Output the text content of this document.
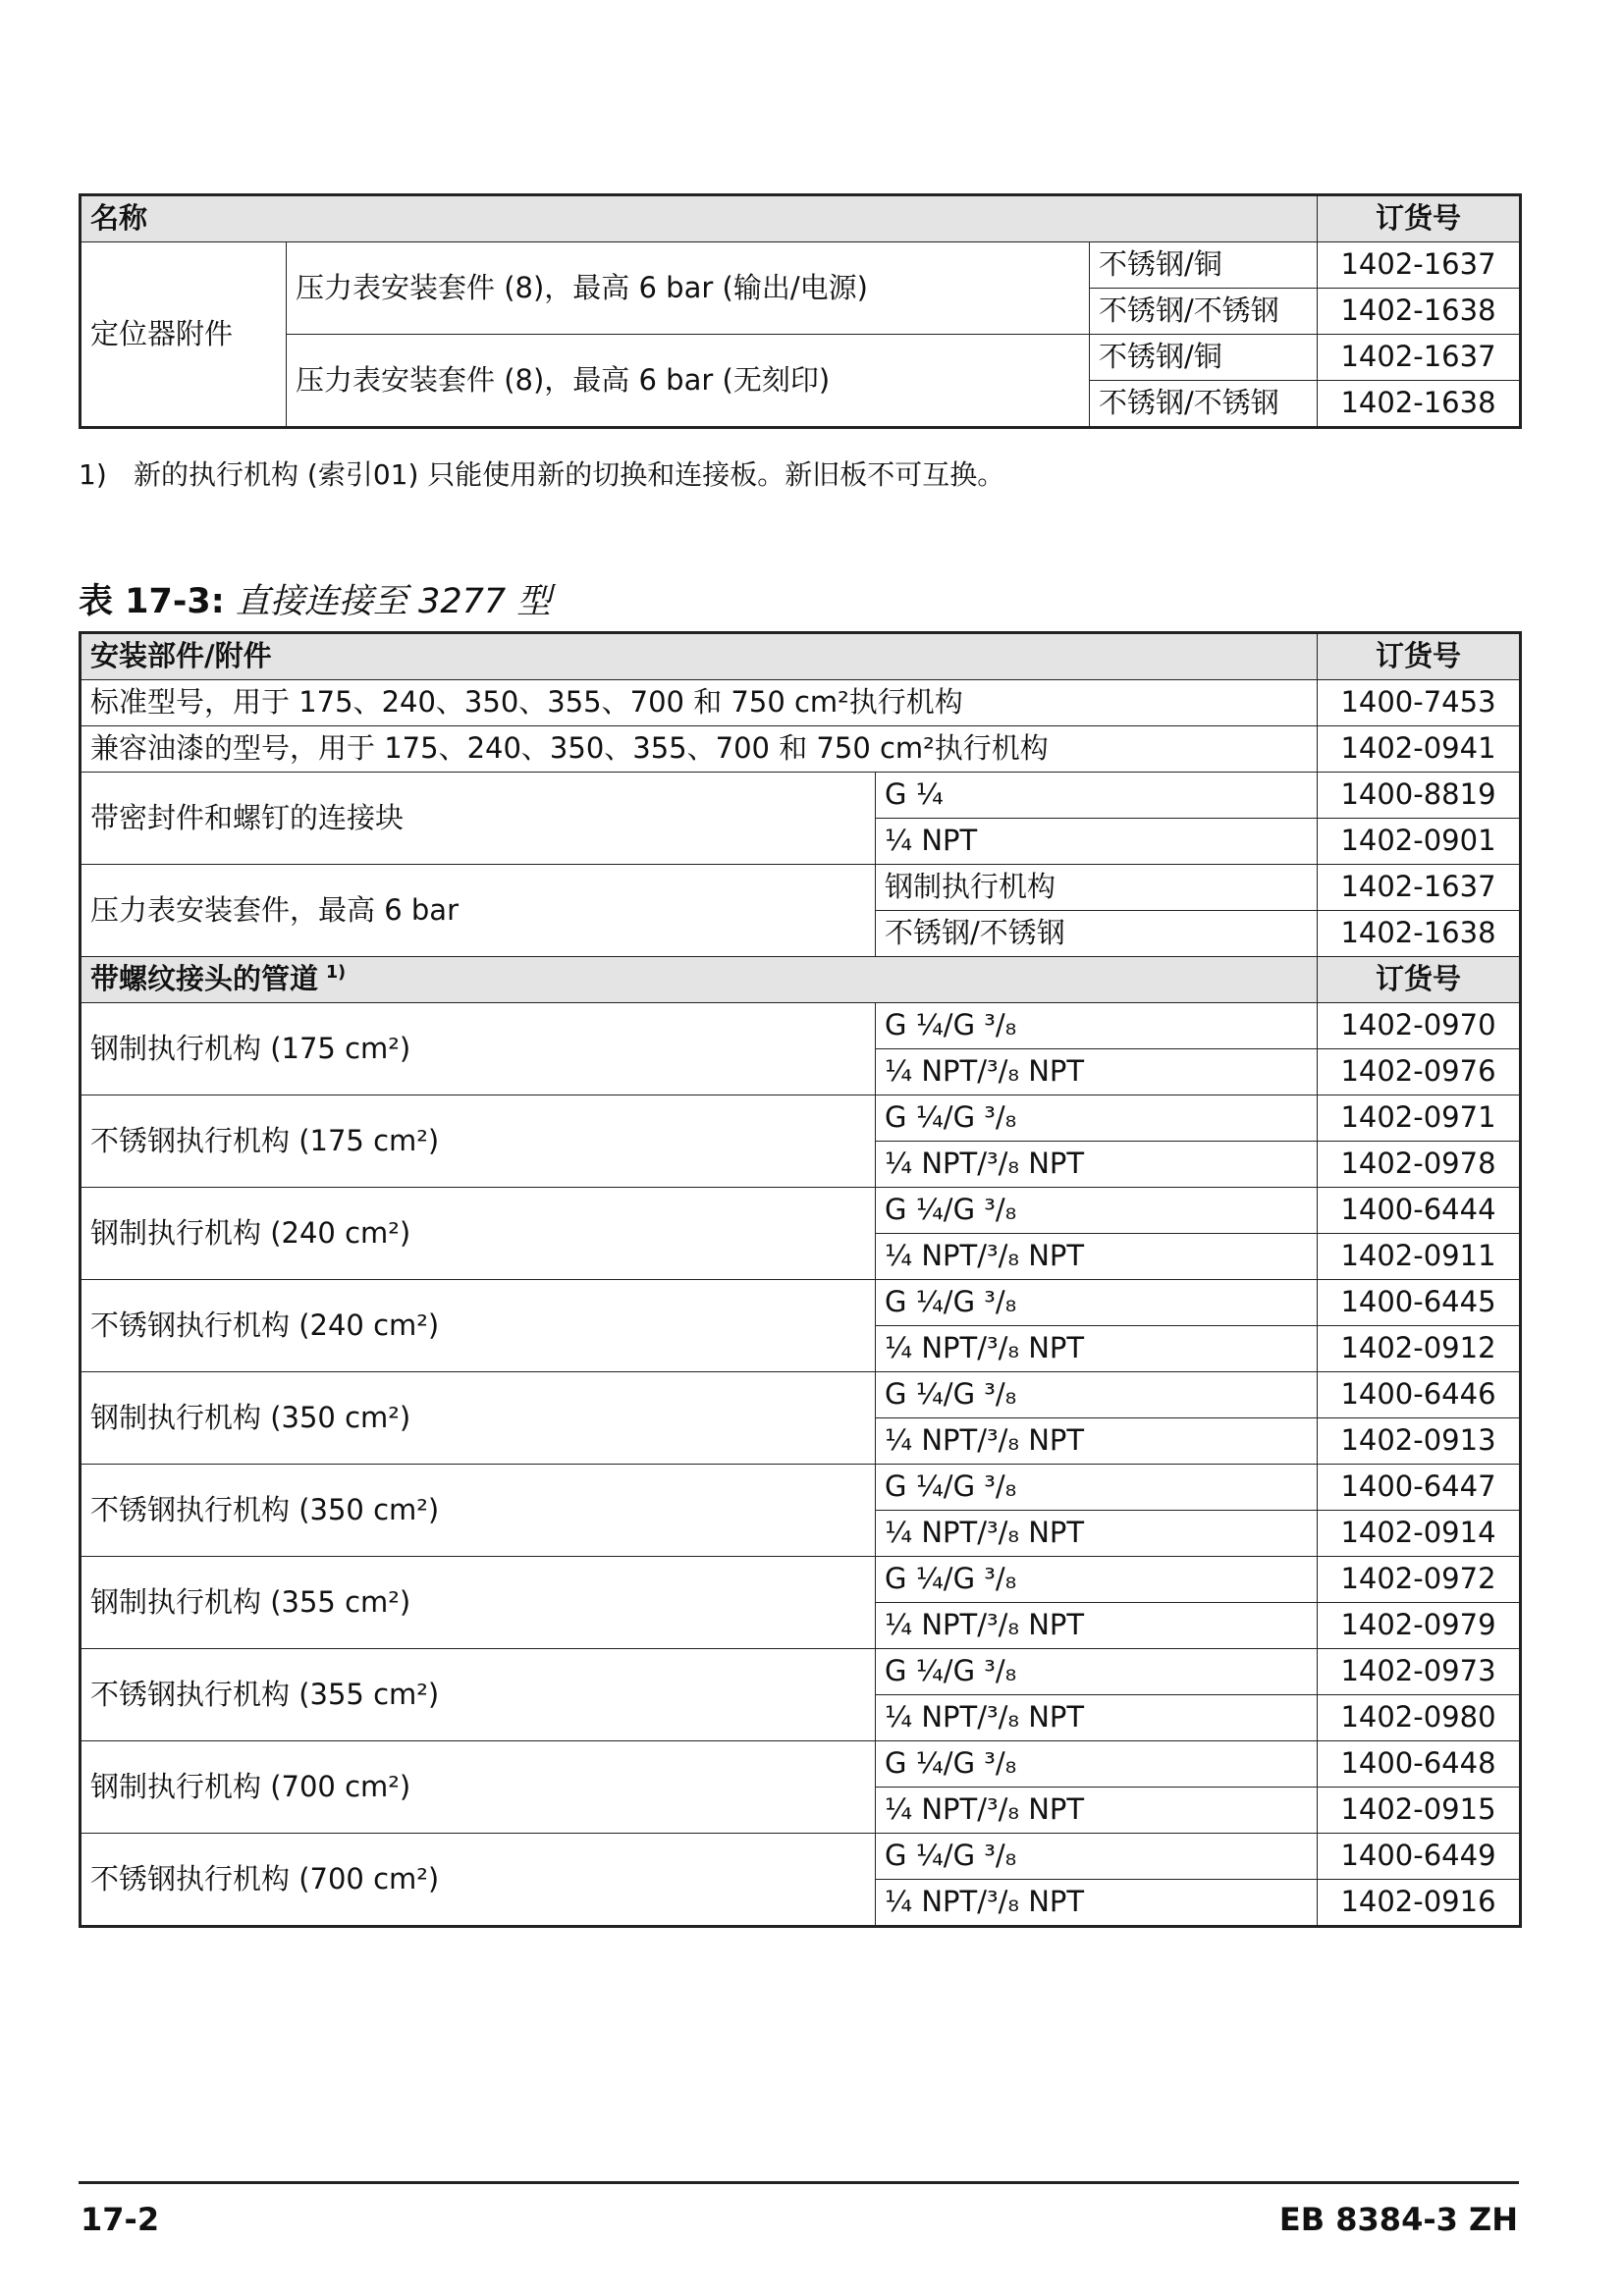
名称			订货号
定位器附件	压力表安装套件 (8)，最高 6 bar (输出/电源)	不锈钢/铜	1402-1637
		不锈钢/不锈钢	1402-1638
	压力表安装套件 (8)，最高 6 bar (无刻印)	不锈钢/铜	1402-1637
		不锈钢/不锈钢	1402-1638
1) 新的执行机构 (索引01) 只能使用新的切换和连接板。新旧板不可互换。
表 17-3: 直接连接至 3277 型
安装部件/附件		订货号
标准型号，用于 175、240、350、355、700 和 750 cm²执行机构		1400-7453
兼容油漆的型号，用于 175、240、350、355、700 和 750 cm²执行机构		1402-0941
带密封件和螺钉的连接块	G ¼	1400-8819
	¼ NPT	1402-0901
压力表安装套件，最高 6 bar	钢制执行机构	1402-1637
	不锈钢/不锈钢	1402-1638
带螺纹接头的管道 $^{1)}$		订货号
钢制执行机构 (175 cm²)	G ¼/G ³/₈	1402-0970
	¼ NPT/³/₈ NPT	1402-0976
不锈钢执行机构 (175 cm²)	G ¼/G ³/₈	1402-0971
	¼ NPT/³/₈ NPT	1402-0978
钢制执行机构 (240 cm²)	G ¼/G ³/₈	1400-6444
	¼ NPT/³/₈ NPT	1402-0911
不锈钢执行机构 (240 cm²)	G ¼/G ³/₈	1400-6445
	¼ NPT/³/₈ NPT	1402-0912
钢制执行机构 (350 cm²)	G ¼/G ³/₈	1400-6446
	¼ NPT/³/₈ NPT	1402-0913
不锈钢执行机构 (350 cm²)	G ¼/G ³/₈	1400-6447
	¼ NPT/³/₈ NPT	1402-0914
钢制执行机构 (355 cm²)	G ¼/G ³/₈	1402-0972
	¼ NPT/³/₈ NPT	1402-0979
不锈钢执行机构 (355 cm²)	G ¼/G ³/₈	1402-0973
	¼ NPT/³/₈ NPT	1402-0980
钢制执行机构 (700 cm²)	G ¼/G ³/₈	1400-6448
	¼ NPT/³/₈ NPT	1402-0915
不锈钢执行机构 (700 cm²)	G ¼/G ³/₈	1400-6449
	¼ NPT/³/₈ NPT	1402-0916
17-2	EB 8384-3 ZH
